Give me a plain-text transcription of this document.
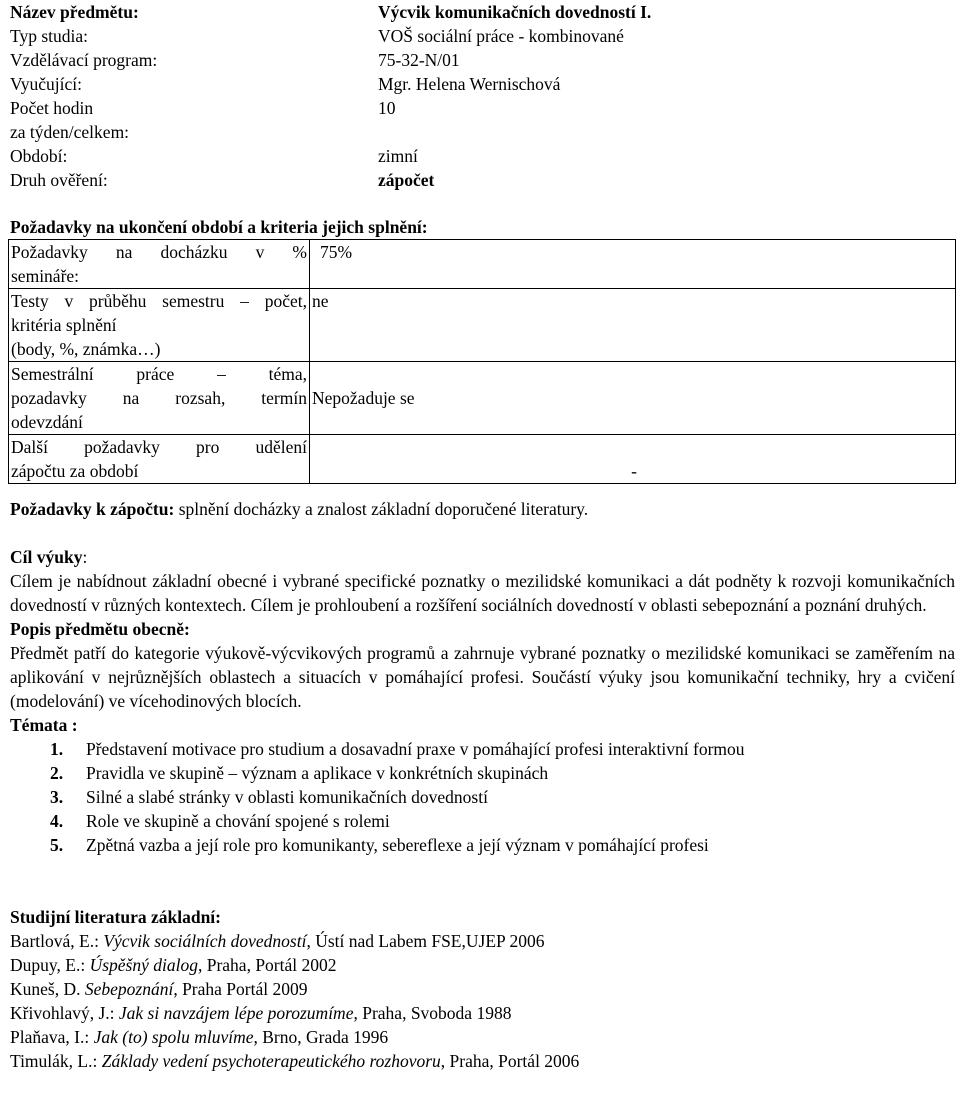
Název předmětu:	Výcvik komunikačních dovedností I.
Typ studia:	VOŠ sociální práce - kombinované
Vzdělávací program:	75-32-N/01
Vyučující:	Mgr. Helena Wernischová
Počet hodin	10
za týden/celkem:
Období:	zimní
Druh ověření:	zápočet
Požadavky na ukončení období a kriteria jejich splnění:
Požadavky na docházku v %
semináře:	75%
Testy v průběhu semestru – počet,
kritéria splnění
(body, %, známka…)	ne
Semestrální práce – téma,
pozadavky na rozsah, termín
odevzdání	Nepožaduje se
Další požadavky pro udělení
zápočtu za období	-

Požadavky k zápočtu: splnění docházky a znalost základní doporučené literatury.

Cíl výuky:

Cílem je nabídnout základní obecné i vybrané specifické poznatky o mezilidské komunikaci a dát podněty k rozvoji komunikačních dovedností v různých kontextech. Cílem je prohloubení a rozšíření sociálních dovedností v oblasti sebepoznání a poznání druhých.

Popis předmětu obecně:

Předmět patří do kategorie výukově-výcvikových programů a zahrnuje vybrané poznatky o mezilidské komunikaci se zaměřením na aplikování v nejrůznějších oblastech a situacích v pomáhající profesi. Součástí výuky jsou komunikační techniky, hry a cvičení (modelování) ve vícehodinových blocích.

Témata :

1. Představení motivace pro studium a dosavadní praxe v pomáhající profesi interaktivní formou
2. Pravidla ve skupině – význam a aplikace v konkrétních skupinách
3. Silné a slabé stránky v oblasti komunikačních dovedností
4. Role ve skupině a chování spojené s rolemi
5. Zpětná vazba a její role pro komunikanty, sebereflexe a její význam v pomáhající profesi

Studijní literatura základní:

Bartlová, E.: Výcvik sociálních dovedností, Ústí nad Labem FSE,UJEP 2006
Dupuy, E.: Úspěšný dialog, Praha, Portál 2002
Kuneš, D. Sebepoznání, Praha Portál 2009
Křivohlavý, J.: Jak si navzájem lépe porozumíme, Praha, Svoboda 1988
Plaňava, I.: Jak (to) spolu mluvíme, Brno, Grada 1996
Timulák, L.: Základy vedení psychoterapeutického rozhovoru, Praha, Portál 2006
